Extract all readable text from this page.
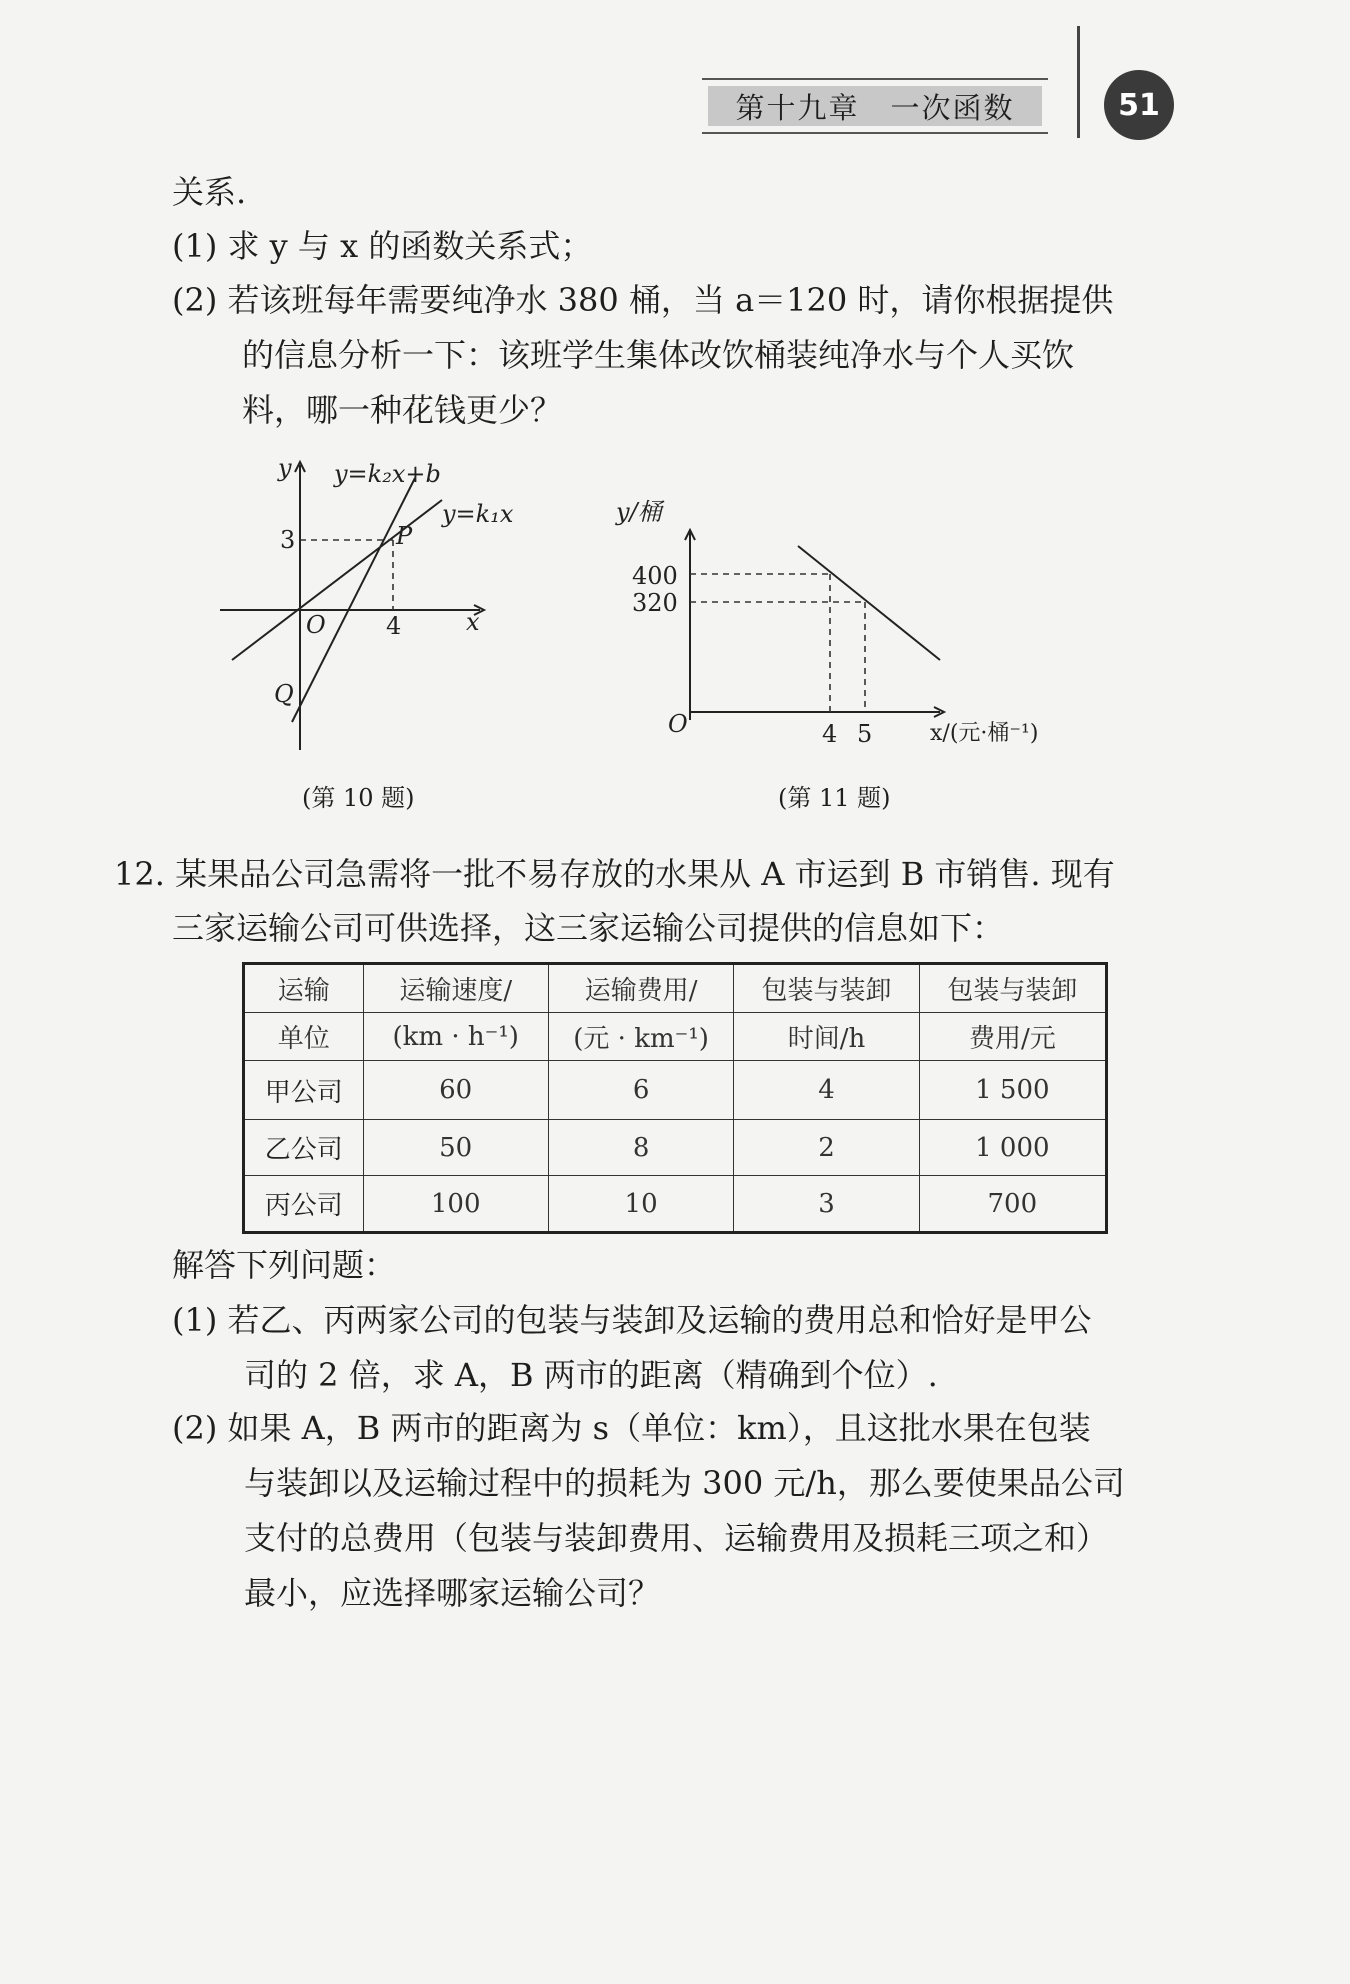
第十九章　一次函数	51
关系.
(1) 求 y 与 x 的函数关系式；
(2) 若该班每年需要纯净水 380 桶，当 a＝120 时，请你根据提供
的信息分析一下：该班学生集体改饮桶装纯净水与个人买饮
料，哪一种花钱更少？
y y=k₂x+b
y=k₁x
P
O	x
Q
3
4
(第 10 题)
y/桶
400
320
O	4 5	x/(元·桶⁻¹)
(第 11 题)
12. 某果品公司急需将一批不易存放的水果从 A 市运到 B 市销售. 现有
三家运输公司可供选择，这三家运输公司提供的信息如下：
运输	运输速度/	运输费用/	包装与装卸	包装与装卸
单位	(km · h⁻¹)	(元 · km⁻¹)	时间/h	费用/元
甲公司	60	6	4	1 500
乙公司	50	8	2	1 000
丙公司	100	10	3	700
解答下列问题：
(1) 若乙、丙两家公司的包装与装卸及运输的费用总和恰好是甲公
司的 2 倍，求 A，B 两市的距离（精确到个位）.
(2) 如果 A，B 两市的距离为 s（单位：km），且这批水果在包装
与装卸以及运输过程中的损耗为 300 元/h，那么要使果品公司
支付的总费用（包装与装卸费用、运输费用及损耗三项之和）
最小，应选择哪家运输公司？
